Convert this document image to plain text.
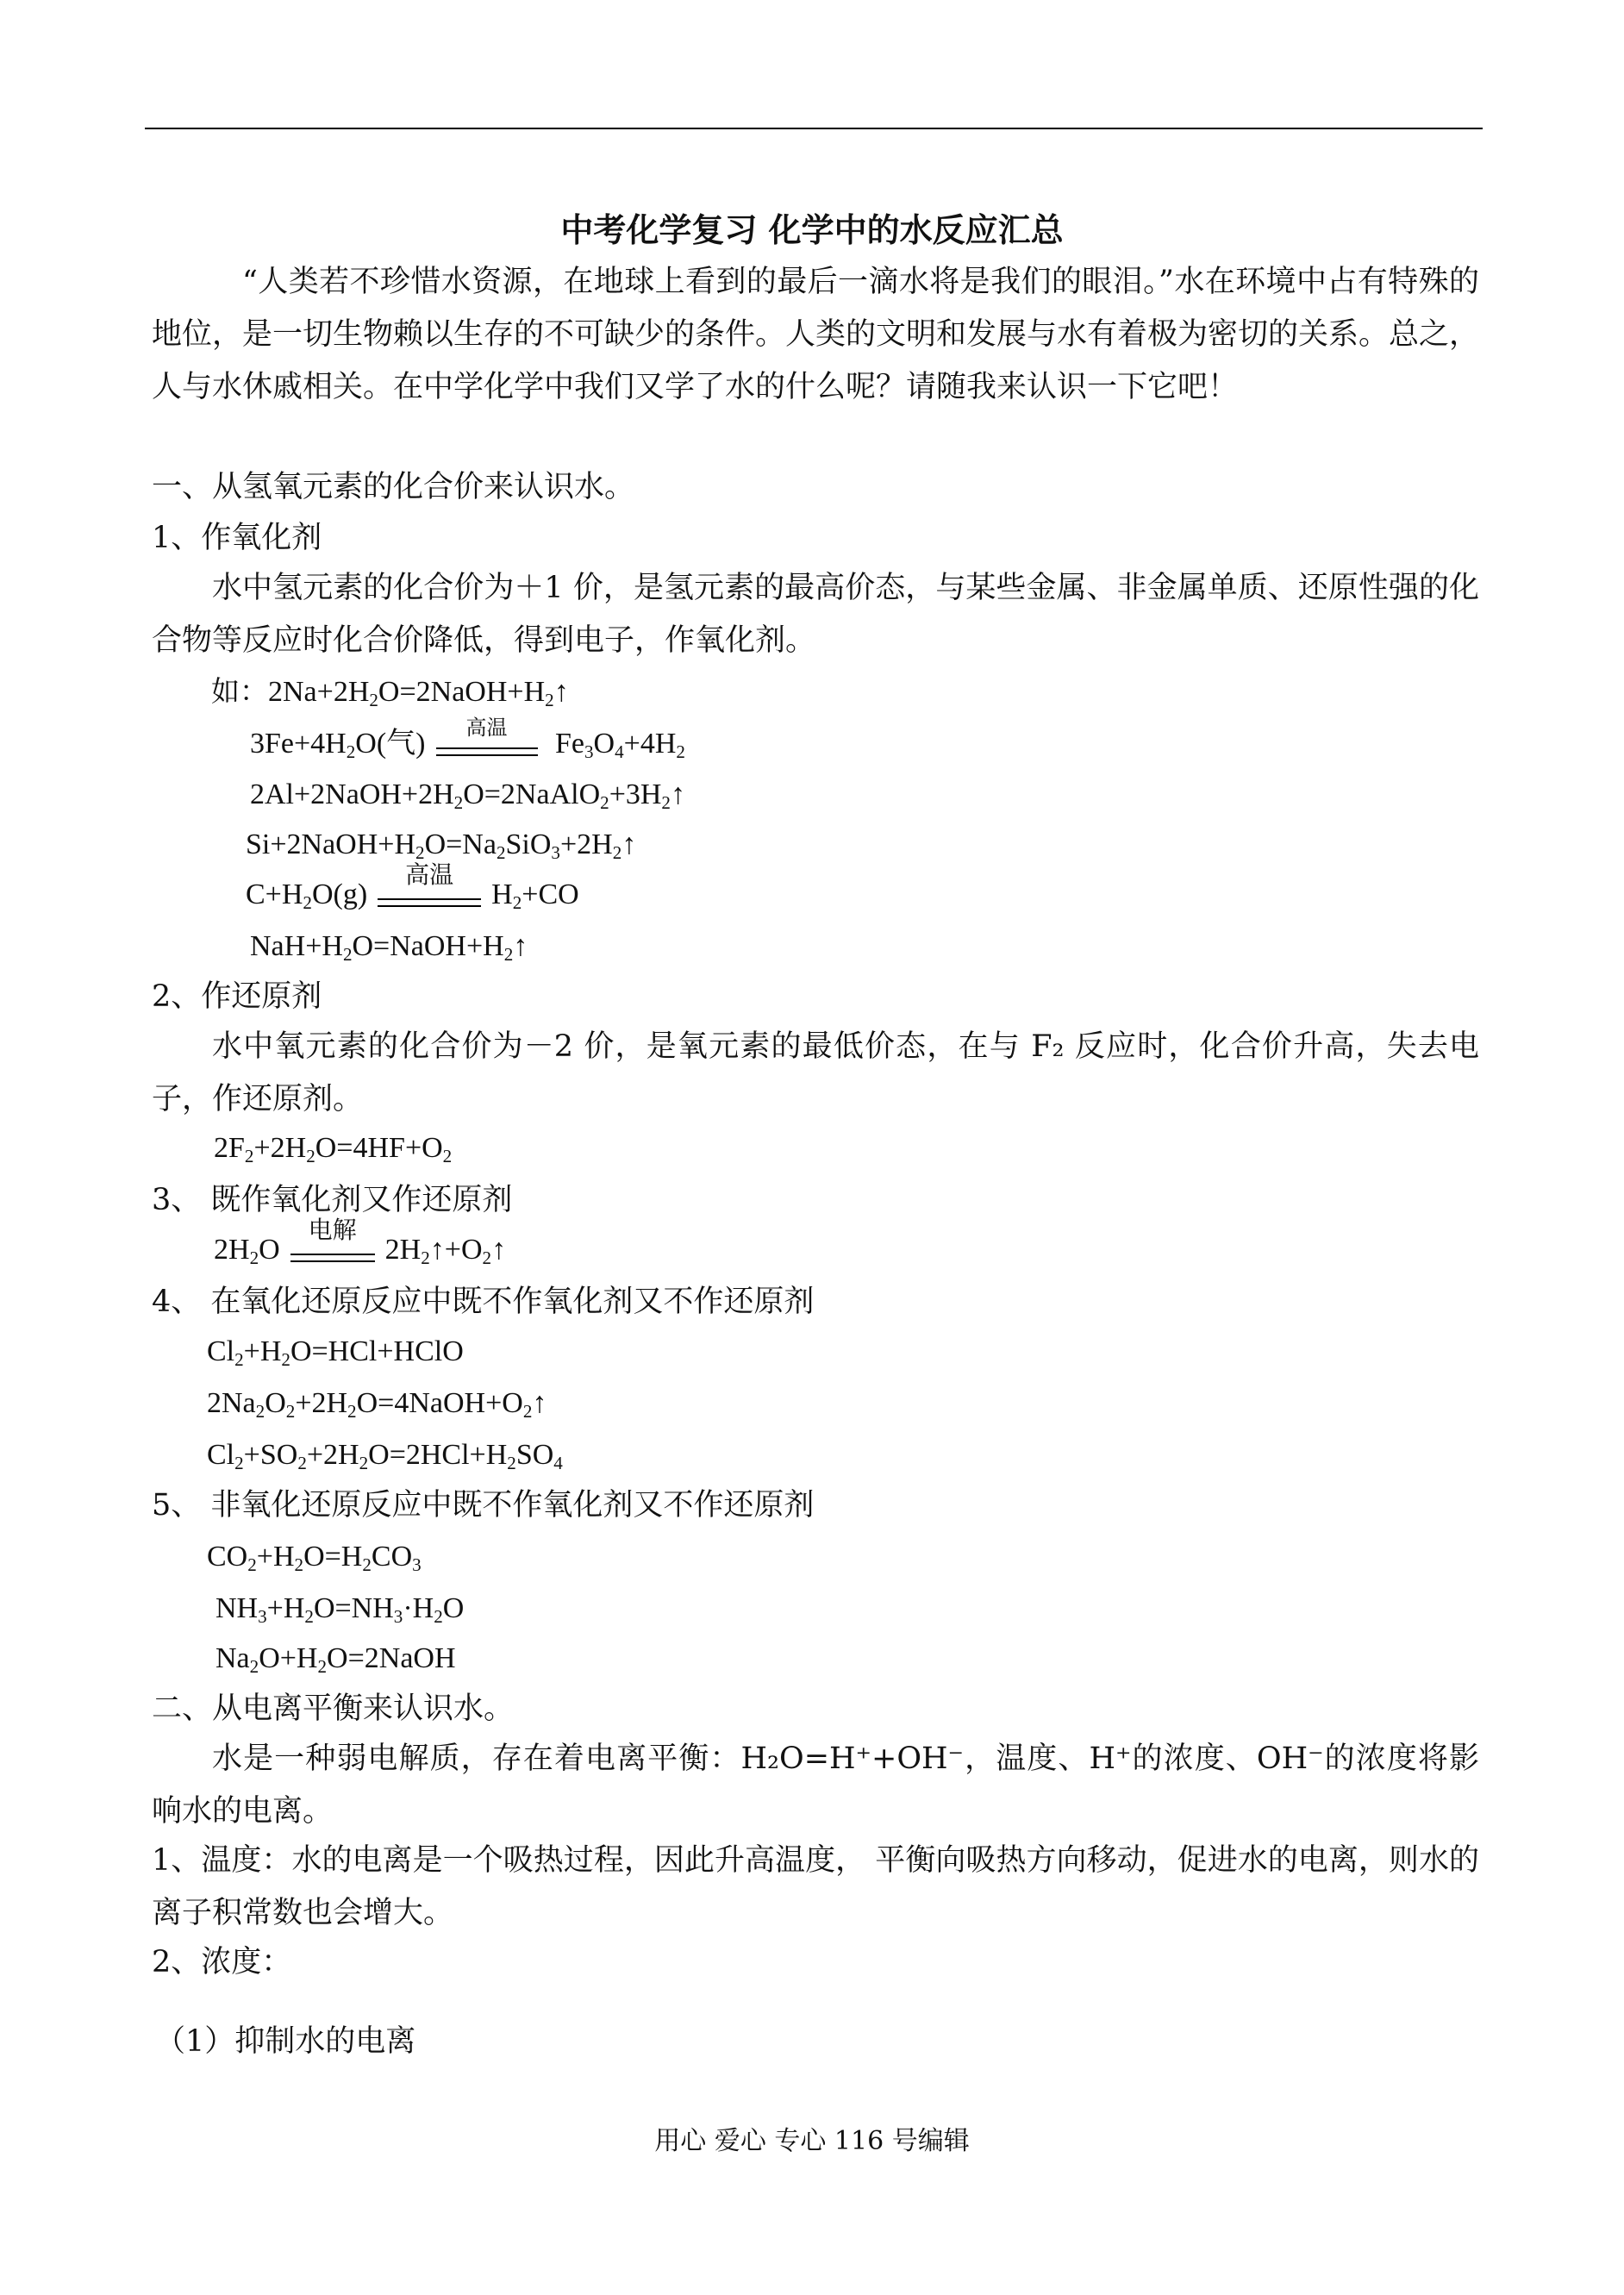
中考化学复习 化学中的水反应汇总
“人类若不珍惜水资源，在地球上看到的最后一滴水将是我们的眼泪。”水在环境中占有特殊的地位，是一切生物赖以生存的不可缺少的条件。人类的文明和发展与水有着极为密切的关系。总之，人与水休戚相关。在中学化学中我们又学了水的什么呢？请随我来认识一下它吧！
一、从氢氧元素的化合价来认识水。
1、作氧化剂
水中氢元素的化合价为＋1 价，是氢元素的最高价态，与某些金属、非金属单质、还原性强的化合物等反应时化合价降低，得到电子，作氧化剂。
如：$2Na+2H_2O=2NaOH+H_2↑$
$3Fe+4H_2O$(气)	高温	$Fe_3O_4+4H_2$
$2Al+2NaOH+2H_2O=2NaAlO_2+3H_2↑$
$Si+2NaOH+H_2O=Na_2SiO_3+2H_2↑$
$C+H_2O(g)$
高温
$H_2+CO$
$NaH+H_2O=NaOH+H_2↑$
2、作还原剂
水中氧元素的化合价为－2 价，是氧元素的最低价态，在与 F₂ 反应时，化合价升高，失去电子，作还原剂。
$2F_2+2H_2O=4HF+O_2$
3、 既作氧化剂又作还原剂
$2H_2O$
电解
$2H_2↑+O_2↑$
4、 在氧化还原反应中既不作氧化剂又不作还原剂
$Cl_2+H_2O=HCl+HClO$
$2Na_2O_2+2H_2O=4NaOH+O_2↑$
$Cl_2+SO_2+2H_2O=2HCl+H_2SO_4$
5、 非氧化还原反应中既不作氧化剂又不作还原剂
$CO_2+H_2O=H_2CO_3$
$NH_3+H_2O=NH_3\cdot H_2O$
$Na_2O+H_2O=2NaOH$
二、从电离平衡来认识水。
水是一种弱电解质，存在着电离平衡：H₂O=H⁺+OH⁻，温度、H⁺的浓度、OH⁻的浓度将影响水的电离。
1、温度：水的电离是一个吸热过程，因此升高温度， 平衡向吸热方向移动，促进水的电离，则水的离子积常数也会增大。
2、浓度：
（1）抑制水的电离
用心 爱心 专心 116 号编辑
